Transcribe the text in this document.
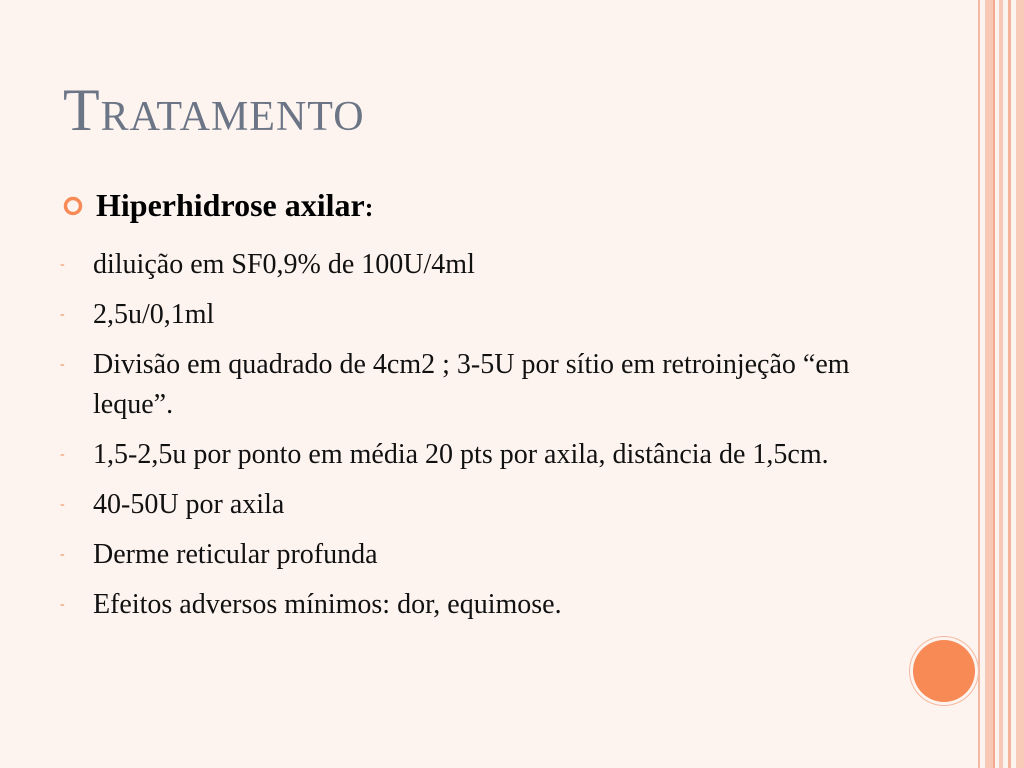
Tratamento
Hiperhidrose axilar:
-	diluição em SF0,9% de 100U/4ml
-	2,5u/0,1ml
-	Divisão em quadrado de 4cm2 ; 3-5U por sítio em retroinjeção “em leque”.
-	1,5-2,5u por ponto em média 20 pts por axila, distância de 1,5cm.
-	40-50U por axila
-	Derme reticular profunda
-	Efeitos adversos mínimos: dor, equimose.
